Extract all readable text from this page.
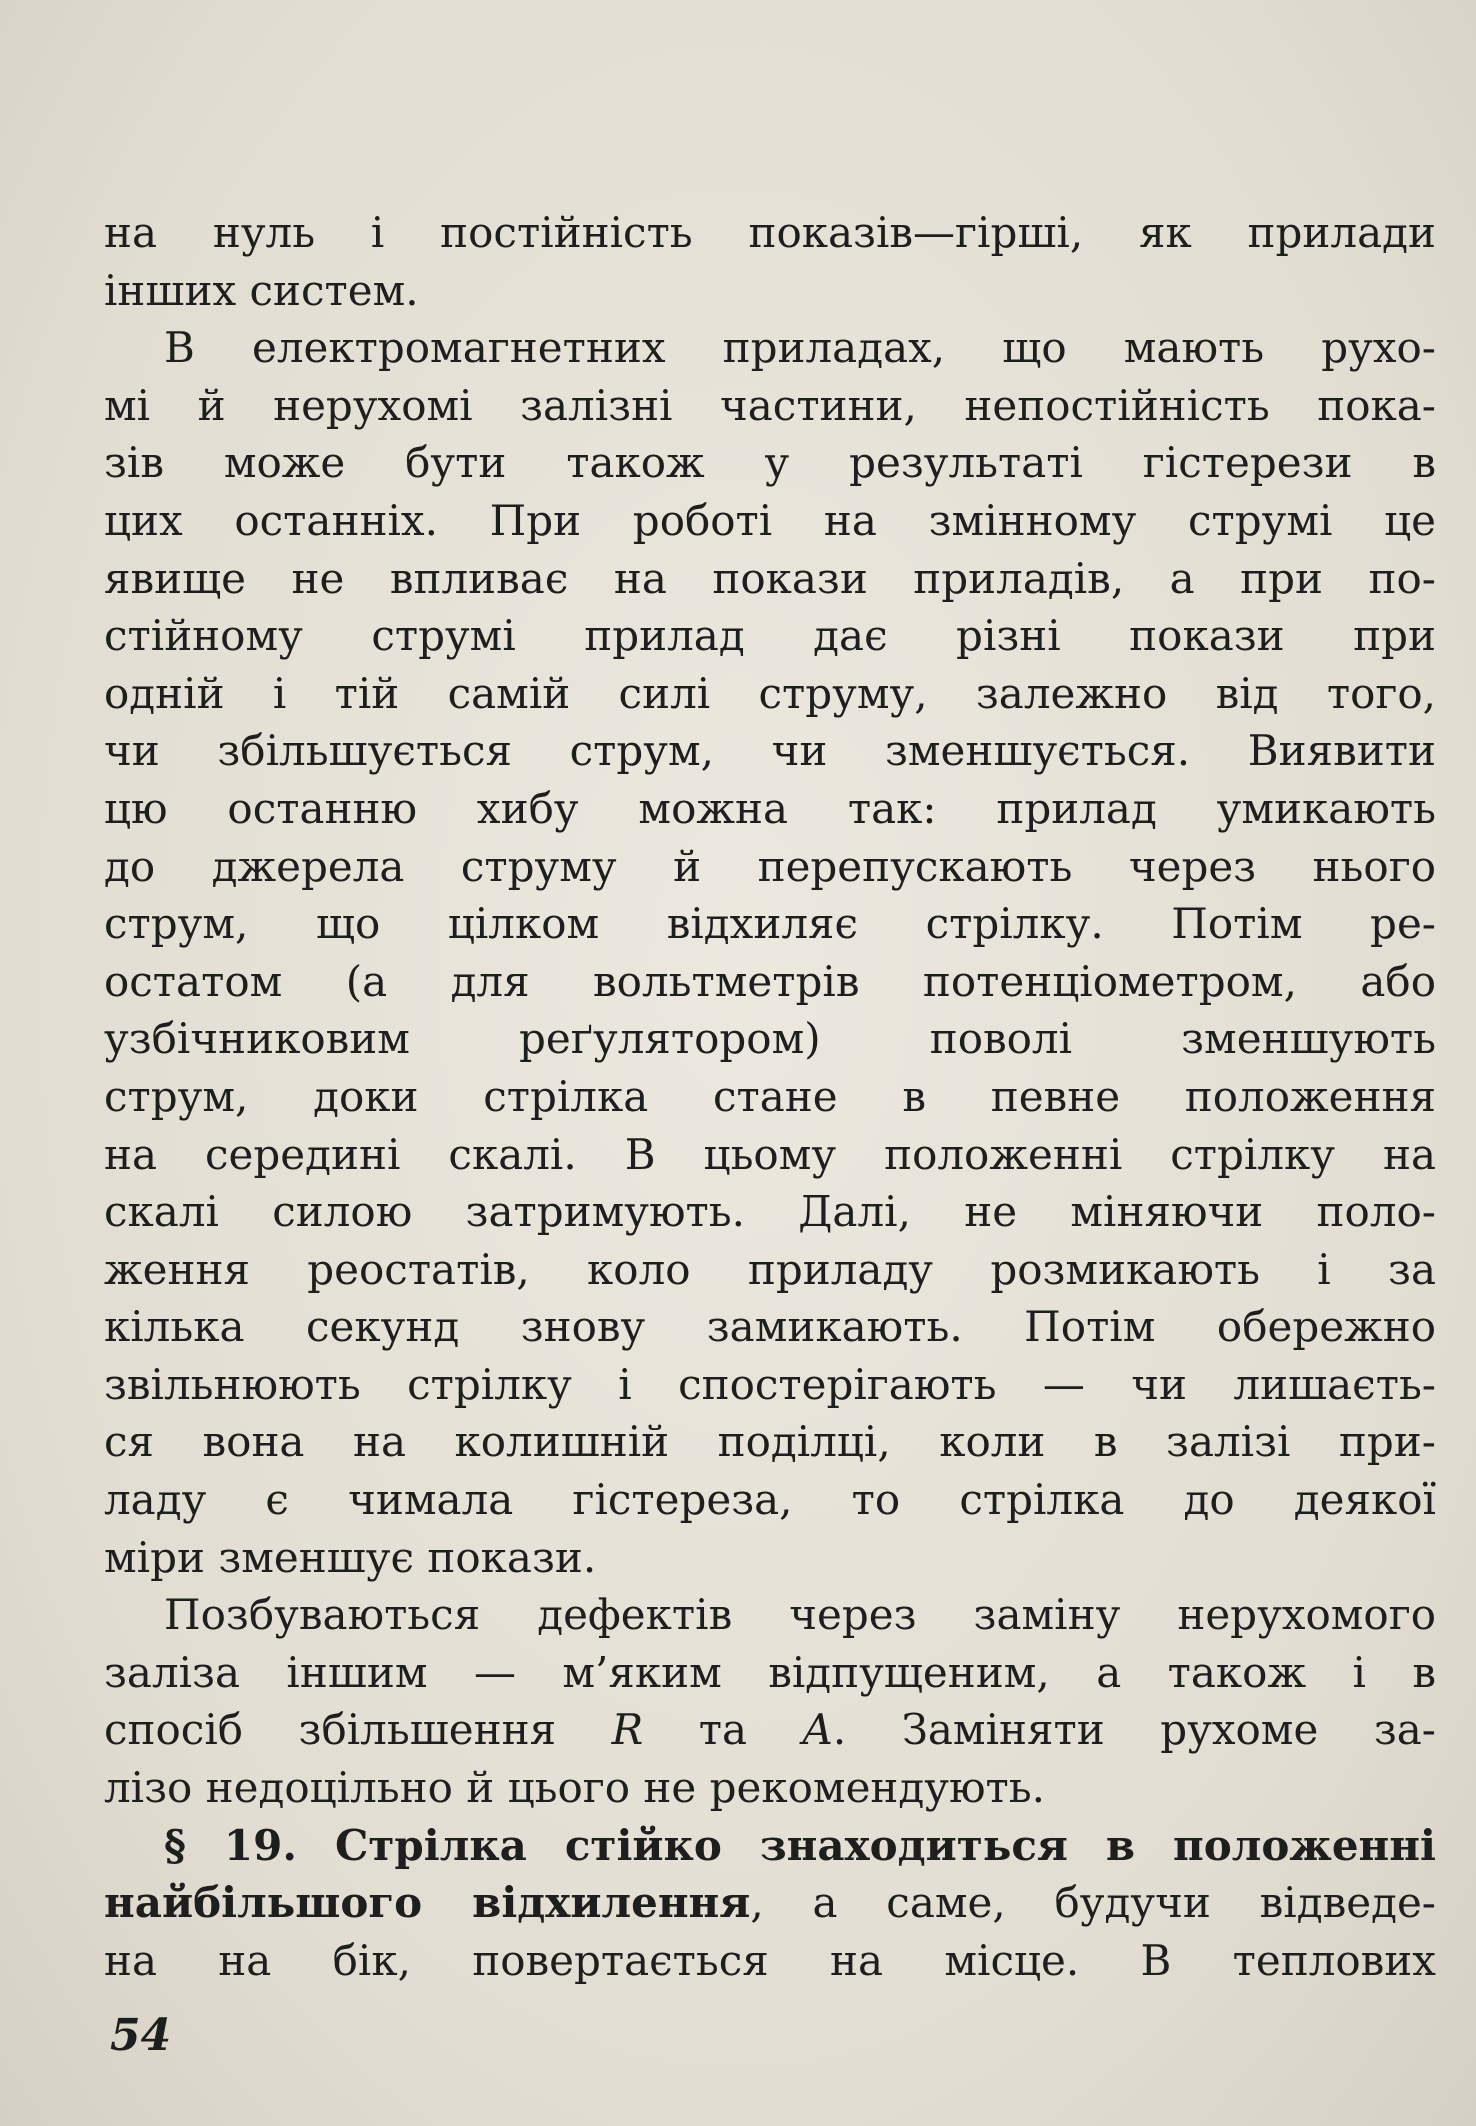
на нуль і постійність показів—гірші, як прилади
інших систем.
В електромагнетних приладах, що мають рухо-
мі й нерухомі залізні частини, непостійність пока-
зів може бути також у результаті гістерези в
цих останніх. При роботі на змінному струмі це
явище не впливає на покази приладів, а при по-
стійному струмі прилад дає різні покази при
одній і тій самій силі струму, залежно від того,
чи збільшується струм, чи зменшується. Виявити
цю останню хибу можна так: прилад умикають
до джерела струму й перепускають через нього
струм, що цілком відхиляє стрілку. Потім ре-
остатом (а для вольтметрів потенціометром, або
узбічниковим реґулятором) поволі зменшують
струм, доки стрілка стане в певне положення
на середині скалі. В цьому положенні стрілку на
скалі силою затримують. Далі, не міняючи поло-
ження реостатів, коло приладу розмикають і за
кілька секунд знову замикають. Потім обережно
звільнюють стрілку і спостерігають — чи лишаєть-
ся вона на колишній поділці, коли в залізі при-
ладу є чимала гістереза, то стрілка до деякої
міри зменшує покази.
Позбуваються дефектів через заміну нерухомого
заліза іншим — м’яким відпущеним, а також і в
спосіб збільшення R та A. Заміняти рухоме за-
лізо недоцільно й цього не рекомендують.
§ 19. Стрілка стійко знаходиться в положенні
найбільшого відхилення, а саме, будучи відведе-
на на бік, повертається на місце. В теплових
54
